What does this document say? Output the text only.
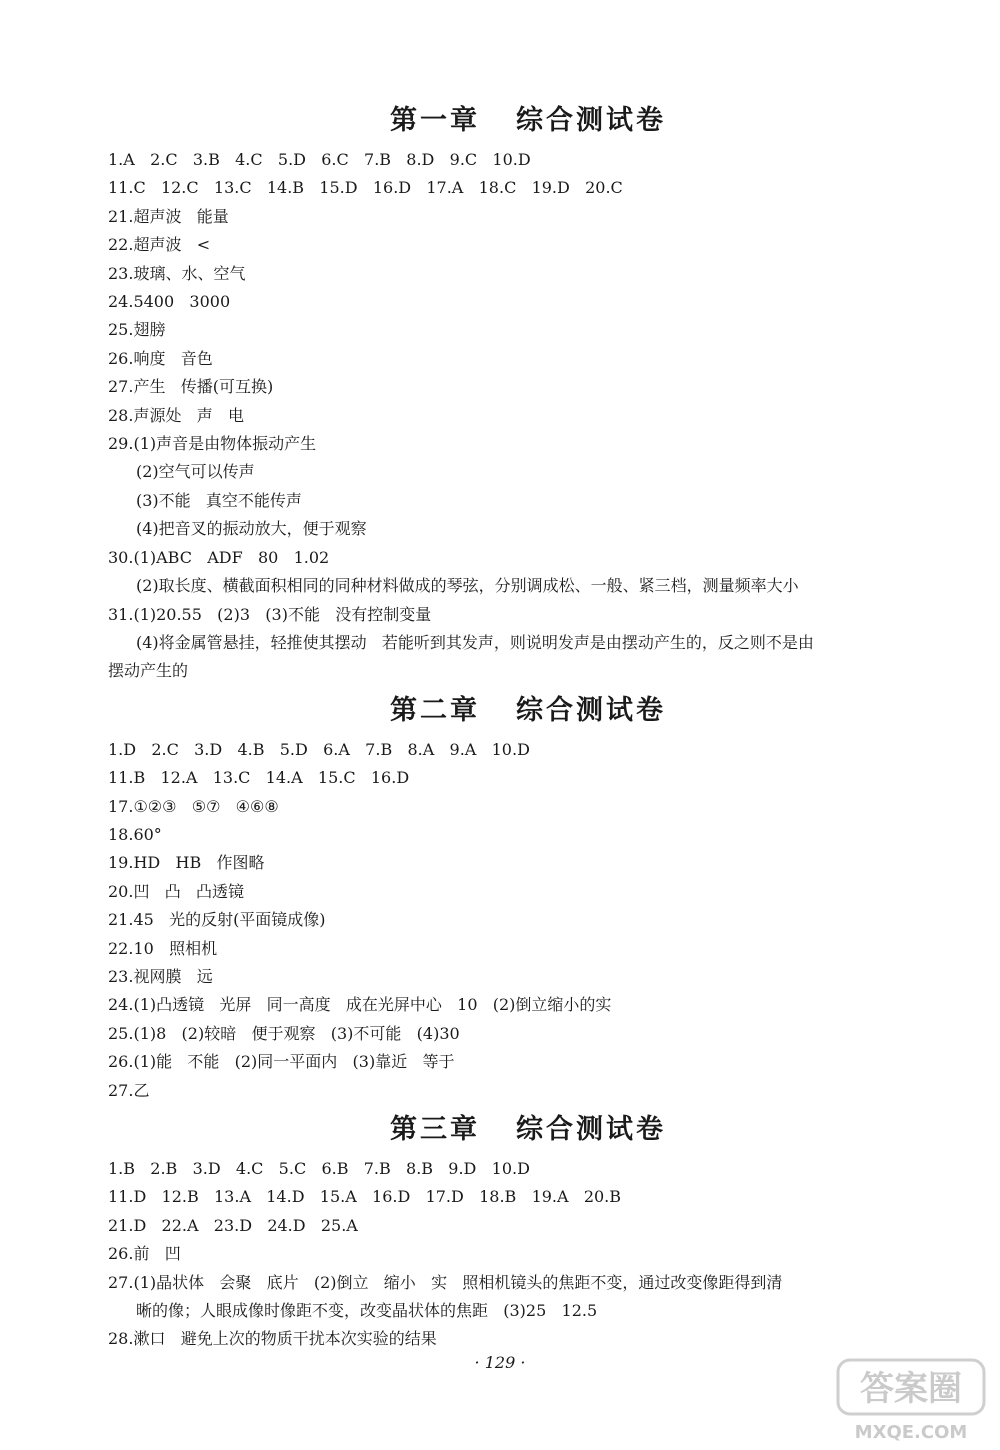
第一章 综合测试卷

1.A   2.C   3.B   4.C   5.D   6.C   7.B   8.D   9.C   10.D

11.C   12.C   13.C   14.B   15.D   16.D   17.A   18.C   19.D   20.C

21.超声波   能量

22.超声波   <

23.玻璃、水、空气

24.5400   3000

25.翅膀

26.响度   音色

27.产生   传播(可互换)

28.声源处   声   电

29.(1)声音是由物体振动产生

(2)空气可以传声

(3)不能   真空不能传声

(4)把音叉的振动放大，便于观察

30.(1)ABC   ADF   80   1.02

(2)取长度、横截面积相同的同种材料做成的琴弦，分别调成松、一般、紧三档，测量频率大小

31.(1)20.55   (2)3   (3)不能   没有控制变量

(4)将金属管悬挂，轻推使其摆动   若能听到其发声，则说明发声是由摆动产生的，反之则不是由

摆动产生的

第二章 综合测试卷

1.D   2.C   3.D   4.B   5.D   6.A   7.B   8.A   9.A   10.D

11.B   12.A   13.C   14.A   15.C   16.D

17.①②③   ⑤⑦   ④⑥⑧

18.60°

19.HD   HB   作图略

20.凹   凸   凸透镜

21.45   光的反射(平面镜成像)

22.10   照相机

23.视网膜   远

24.(1)凸透镜   光屏   同一高度   成在光屏中心   10   (2)倒立缩小的实

25.(1)8   (2)较暗   便于观察   (3)不可能   (4)30

26.(1)能   不能   (2)同一平面内   (3)靠近   等于

27.乙

第三章 综合测试卷

1.B   2.B   3.D   4.C   5.C   6.B   7.B   8.B   9.D   10.D

11.D   12.B   13.A   14.D   15.A   16.D   17.D   18.B   19.A   20.B

21.D   22.A   23.D   24.D   25.A

26.前   凹

27.(1)晶状体   会聚   底片   (2)倒立   缩小   实   照相机镜头的焦距不变，通过改变像距得到清

晰的像；人眼成像时像距不变，改变晶状体的焦距   (3)25   12.5

28.漱口   避免上次的物质干扰本次实验的结果

· 129 ·
答案圈
MXQE.COM
